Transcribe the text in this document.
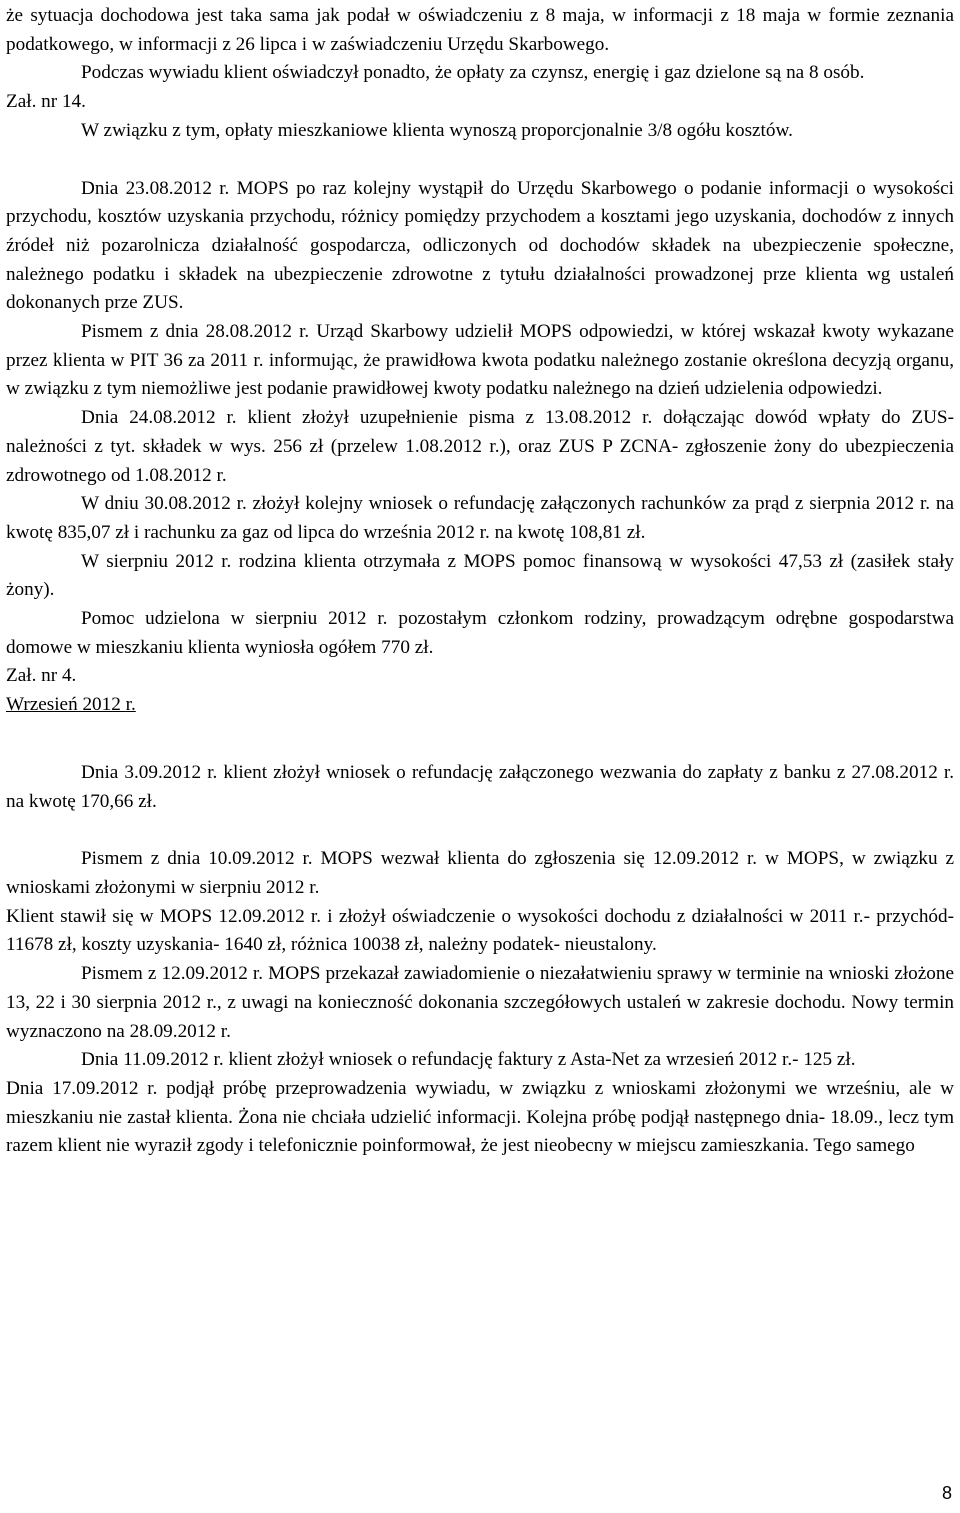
że sytuacja dochodowa jest taka sama jak podał w oświadczeniu z 8 maja, w informacji z 18 maja w formie zeznania podatkowego, w informacji z 26 lipca i w zaświadczeniu Urzędu Skarbowego.

Podczas wywiadu klient oświadczył ponadto, że opłaty za czynsz, energię i gaz dzielone są na 8 osób.

Zał. nr 14.

W związku z tym, opłaty mieszkaniowe klienta wynoszą proporcjonalnie 3/8 ogółu kosztów.

Dnia 23.08.2012 r. MOPS po raz kolejny wystąpił do Urzędu Skarbowego o podanie informacji o wysokości przychodu, kosztów uzyskania przychodu, różnicy pomiędzy przychodem a kosztami jego uzyskania, dochodów z innych źródeł niż pozarolnicza działalność gospodarcza, odliczonych od dochodów składek na ubezpieczenie społeczne, należnego podatku i składek na ubezpieczenie zdrowotne z tytułu działalności prowadzonej prze klienta wg ustaleń dokonanych prze ZUS.

Pismem z dnia 28.08.2012 r. Urząd Skarbowy udzielił MOPS odpowiedzi, w której wskazał kwoty wykazane przez klienta w PIT 36 za 2011 r. informując, że prawidłowa kwota podatku należnego zostanie określona decyzją organu, w związku z tym niemożliwe jest podanie prawidłowej kwoty podatku należnego na dzień udzielenia odpowiedzi.

Dnia 24.08.2012 r. klient złożył uzupełnienie pisma z 13.08.2012 r. dołączając dowód wpłaty do ZUS- należności z tyt. składek w wys. 256 zł (przelew 1.08.2012 r.), oraz ZUS P ZCNA- zgłoszenie żony do ubezpieczenia zdrowotnego od 1.08.2012 r.

W dniu 30.08.2012 r. złożył kolejny wniosek o refundację załączonych rachunków za prąd z sierpnia 2012 r. na kwotę 835,07 zł i rachunku za gaz od lipca do września 2012 r. na kwotę 108,81 zł.

W sierpniu 2012 r. rodzina klienta otrzymała z MOPS pomoc finansową w wysokości 47,53 zł (zasiłek stały żony).

Pomoc udzielona w sierpniu 2012 r. pozostałym członkom rodziny, prowadzącym odrębne gospodarstwa domowe w mieszkaniu klienta wyniosła ogółem 770 zł.

Zał. nr 4.

Wrzesień 2012 r.

Dnia 3.09.2012 r. klient złożył wniosek o refundację załączonego wezwania do zapłaty z banku z 27.08.2012 r. na kwotę 170,66 zł.

Pismem z dnia 10.09.2012 r. MOPS wezwał klienta do zgłoszenia się 12.09.2012 r. w MOPS, w związku z wnioskami złożonymi w sierpniu 2012 r.

Klient stawił się w MOPS 12.09.2012 r. i złożył oświadczenie o wysokości dochodu z działalności w 2011 r.- przychód- 11678 zł, koszty uzyskania- 1640 zł, różnica 10038 zł, należny podatek- nieustalony.

Pismem z 12.09.2012 r. MOPS przekazał zawiadomienie o niezałatwieniu sprawy w terminie na wnioski złożone 13, 22 i 30 sierpnia 2012 r., z uwagi na konieczność dokonania szczegółowych ustaleń w zakresie dochodu. Nowy termin wyznaczono na 28.09.2012 r.

Dnia 11.09.2012 r. klient złożył wniosek o refundację faktury z Asta-Net za wrzesień 2012 r.- 125 zł.

Dnia 17.09.2012 r. podjął próbę przeprowadzenia wywiadu, w związku z wnioskami złożonymi we wrześniu, ale w mieszkaniu nie zastał klienta. Żona nie chciała udzielić informacji. Kolejna próbę podjął następnego dnia- 18.09., lecz tym razem klient nie wyraził zgody i telefonicznie poinformował, że jest nieobecny w miejscu zamieszkania. Tego samego

8
